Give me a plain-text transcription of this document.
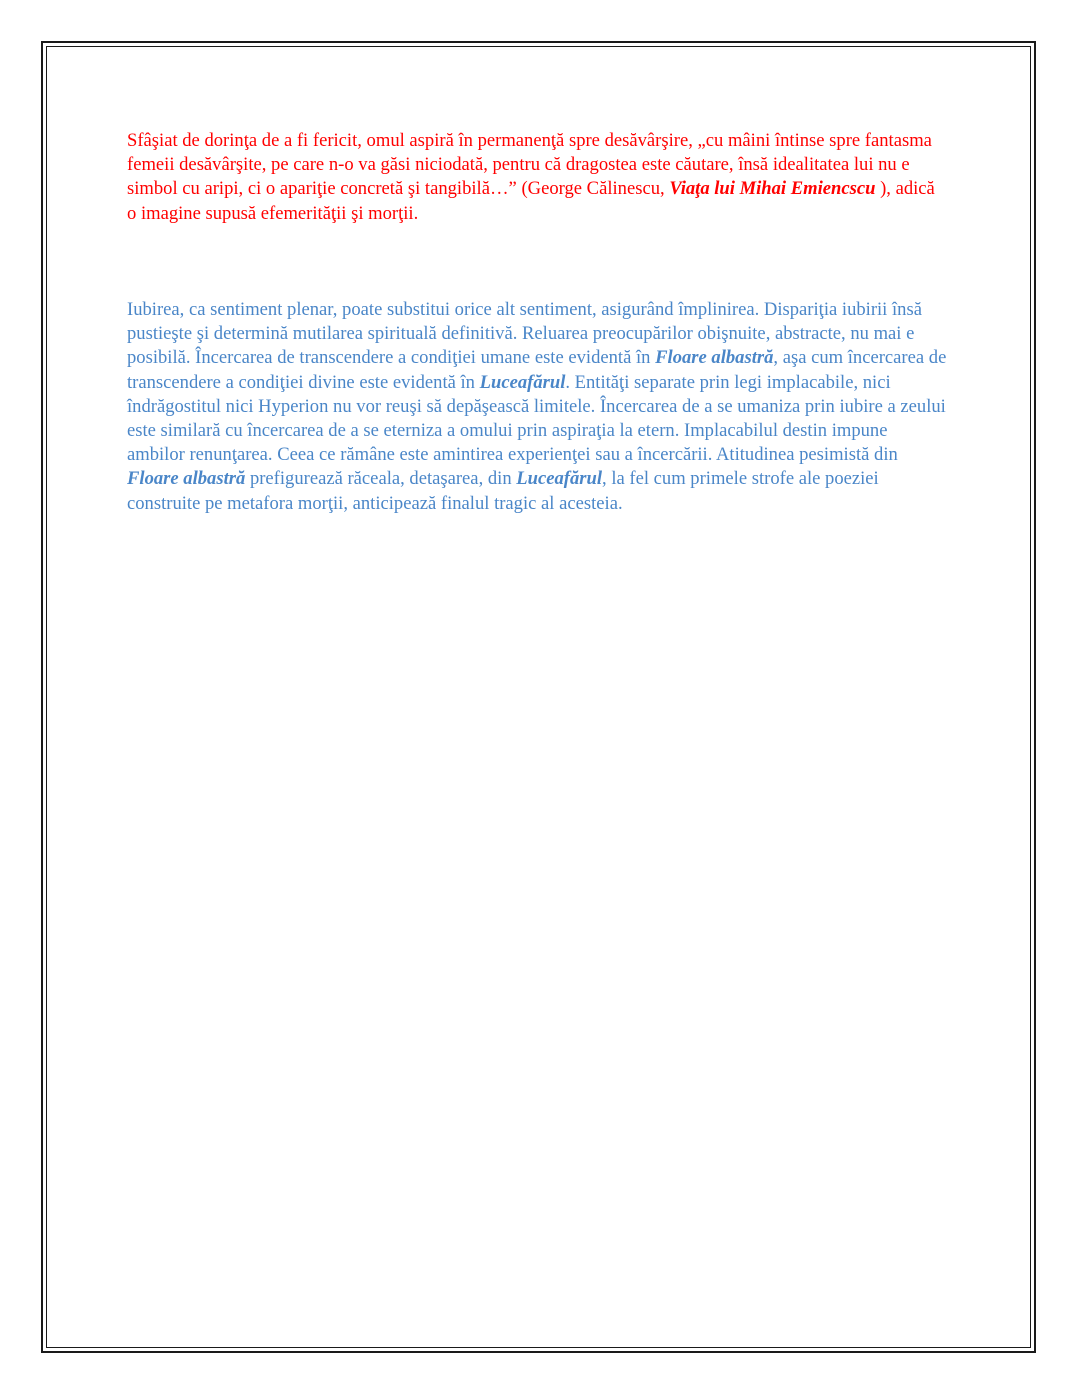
Sfâşiat de dorinţa de a fi fericit, omul aspiră în permanenţă spre desăvârşire, „cu mâini întinse spre fantasma femeii desăvârşite, pe care n-o va găsi niciodată, pentru că dragostea este căutare, însă idealitatea lui nu e simbol cu aripi, ci o apariţie concretă şi tangibilă…” (George Călinescu, Viaţa lui Mihai Emiencscu ), adică o imagine supusă efemerităţii şi morţii.

Iubirea, ca sentiment plenar, poate substitui orice alt sentiment, asigurând împlinirea. Dispariţia iubirii însă pustieşte şi determină mutilarea spirituală definitivă. Reluarea preocupărilor obişnuite, abstracte, nu mai e posibilă. Încercarea de transcendere a condiţiei umane este evidentă în Floare albastră, aşa cum încercarea de transcendere a condiţiei divine este evidentă în Luceafărul. Entităţi separate prin legi implacabile, nici îndrăgostitul nici Hyperion nu vor reuşi să depăşească limitele. Încercarea de a se umaniza prin iubire a zeului este similară cu încercarea de a se eterniza a omului prin aspiraţia la etern. Implacabilul destin impune ambilor renunţarea. Ceea ce rămâne este amintirea experienţei sau a încercării. Atitudinea pesimistă din Floare albastră prefigurează răceala, detaşarea, din Luceafărul, la fel cum primele strofe ale poeziei construite pe metafora morţii, anticipează finalul tragic al acesteia.
